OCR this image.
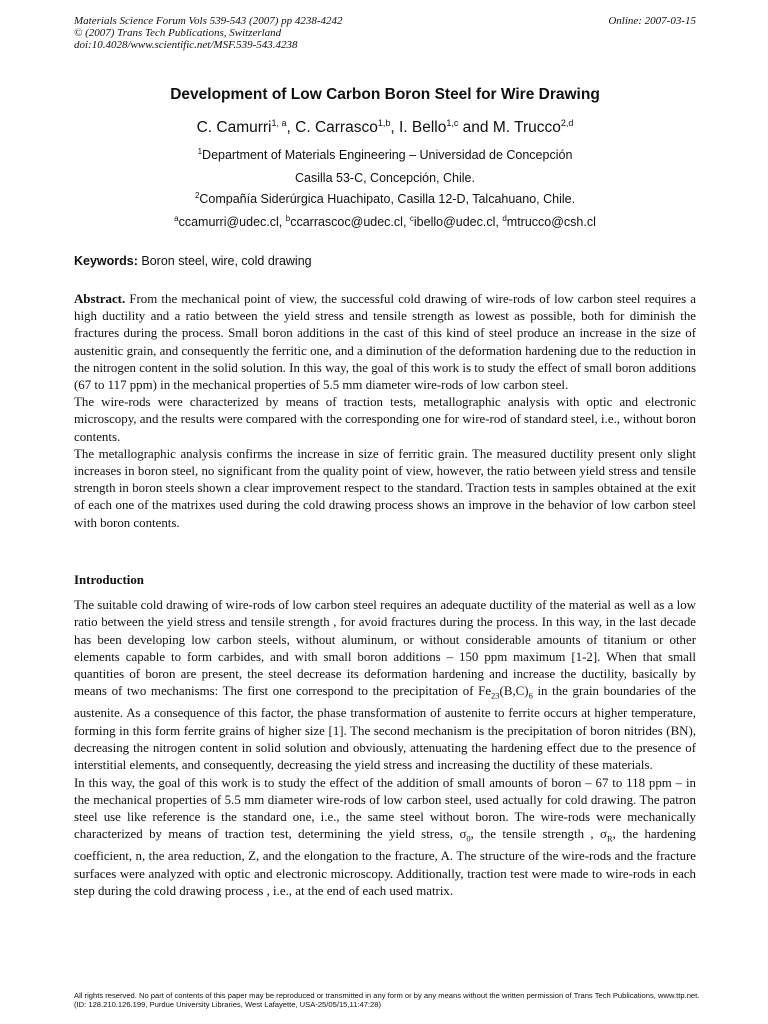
Materials Science Forum Vols 539-543 (2007) pp 4238-4242
© (2007) Trans Tech Publications, Switzerland
doi:10.4028/www.scientific.net/MSF.539-543.4238
Online: 2007-03-15
Development of Low Carbon Boron Steel for Wire Drawing
C. Camurri$^{1, a}$, C. Carrasco$^{1,b}$, I. Bello$^{1,c}$ and M. Trucco$^{2,d}$
$^1$Department of Materials Engineering – Universidad de Concepción
Casilla 53-C, Concepción, Chile.
$^2$Compañía Siderúrgica Huachipato, Casilla 12-D, Talcahuano, Chile.
$^a$ccamurri@udec.cl, $^b$ccarrascoc@udec.cl, $^c$ibello@udec.cl, $^d$mtrucco@csh.cl
Keywords: Boron steel, wire, cold drawing

Abstract. From the mechanical point of view, the successful cold drawing of wire-rods of low carbon steel requires a high ductility and a ratio between the yield stress and tensile strength as lowest as possible, both for diminish the fractures during the process. Small boron additions in the cast of this kind of steel produce an increase in the size of austenitic grain, and consequently the ferritic one, and a diminution of the deformation hardening due to the reduction in the nitrogen content in the solid solution. In this way, the goal of this work is to study the effect of small boron additions (67 to 117 ppm) in the mechanical properties of 5.5 mm diameter wire-rods of low carbon steel.

The wire-rods were characterized by means of traction tests, metallographic analysis with optic and electronic microscopy, and the results were compared with the corresponding one for wire-rod of standard steel, i.e., without boron contents.

The metallographic analysis confirms the increase in size of ferritic grain. The measured ductility present only slight increases in boron steel, no significant from the quality point of view, however, the ratio between yield stress and tensile strength in boron steels shown a clear improvement respect to the standard. Traction tests in samples obtained at the exit of each one of the matrixes used during the cold drawing process shows an improve in the behavior of low carbon steel with boron contents.

Introduction

The suitable cold drawing of wire-rods of low carbon steel requires an adequate ductility of the material as well as a low ratio between the yield stress and tensile strength , for avoid fractures during the process. In this way, in the last decade has been developing low carbon steels, without aluminum, or without considerable amounts of titanium or other elements capable to form carbides, and with small boron additions – 150 ppm maximum [1-2]. When that small quantities of boron are present, the steel decrease its deformation hardening and increase the ductility, basically by means of two mechanisms: The first one correspond to the precipitation of $Fe_{23}(B,C)_6$ in the grain boundaries of the austenite. As a consequence of this factor, the phase transformation of austenite to ferrite occurs at higher temperature, forming in this form ferrite grains of higher size [1]. The second mechanism is the precipitation of boron nitrides (BN), decreasing the nitrogen content in solid solution and obviously, attenuating the hardening effect due to the presence of interstitial elements, and consequently, decreasing the yield stress and increasing the ductility of these materials.

In this way, the goal of this work is to study the effect of the addition of small amounts of boron – 67 to 118 ppm – in the mechanical properties of 5.5 mm diameter wire-rods of low carbon steel, used actually for cold drawing. The patron steel use like reference is the standard one, i.e., the same steel without boron. The wire-rods were mechanically characterized by means of traction test, determining the yield stress, $\sigma_0$, the tensile strength , $\sigma_R$, the hardening coefficient, n, the area reduction, Z, and the elongation to the fracture, A. The structure of the wire-rods and the fracture surfaces were analyzed with optic and electronic microscopy. Additionally, traction test were made to wire-rods in each step during the cold drawing process , i.e., at the end of each used matrix.

All rights reserved. No part of contents of this paper may be reproduced or transmitted in any form or by any means without the written permission of Trans Tech Publications, www.ttp.net. (ID: 128.210.126.199, Purdue University Libraries, West Lafayette, USA-25/05/15,11:47:28)
